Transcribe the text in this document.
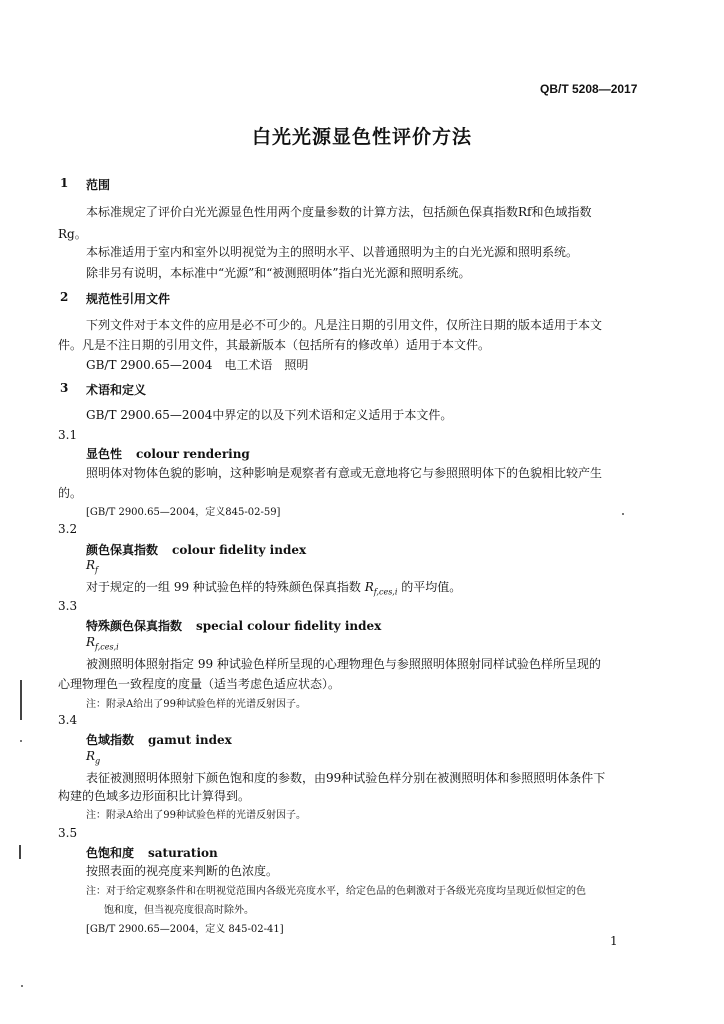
QB/T 5208—2017
白光光源显色性评价方法
1 范围
本标准规定了评价白光光源显色性用两个度量参数的计算方法，包括颜色保真指数Rf和色域指数
Rg。
本标准适用于室内和室外以明视觉为主的照明水平、以普通照明为主的白光光源和照明系统。
除非另有说明，本标准中“光源”和“被测照明体”指白光光源和照明系统。
2 规范性引用文件
下列文件对于本文件的应用是必不可少的。凡是注日期的引用文件，仅所注日期的版本适用于本文
件。凡是不注日期的引用文件，其最新版本（包括所有的修改单）适用于本文件。
GB/T 2900.65—2004　电工术语　照明
3 术语和定义
GB/T 2900.65—2004中界定的以及下列术语和定义适用于本文件。
3.1
显色性 colour rendering
照明体对物体色貌的影响，这种影响是观察者有意或无意地将它与参照照明体下的色貌相比较产生
的。
[GB/T 2900.65—2004，定义845-02-59]
3.2
颜色保真指数 colour fidelity index
$R_f$
对于规定的一组 99 种试验色样的特殊颜色保真指数 $R_{f,ces,i}$ 的平均值。
3.3
特殊颜色保真指数 special colour fidelity index
$R_{f,ces,i}$
被测照明体照射指定 99 种试验色样所呈现的心理物理色与参照照明体照射同样试验色样所呈现的
心理物理色一致程度的度量（适当考虑色适应状态）。
注：附录A给出了99种试验色样的光谱反射因子。
3.4
色域指数 gamut index
$R_g$
表征被测照明体照射下颜色饱和度的参数，由99种试验色样分别在被测照明体和参照照明体条件下
构建的色域多边形面积比计算得到。
注：附录A给出了99种试验色样的光谱反射因子。
3.5
色饱和度 saturation
按照表面的视亮度来判断的色浓度。
注：对于给定观察条件和在明视觉范围内各级光亮度水平，给定色品的色刺激对于各级光亮度均呈现近似恒定的色
饱和度，但当视亮度很高时除外。
[GB/T 2900.65—2004，定义 845-02-41]
1
